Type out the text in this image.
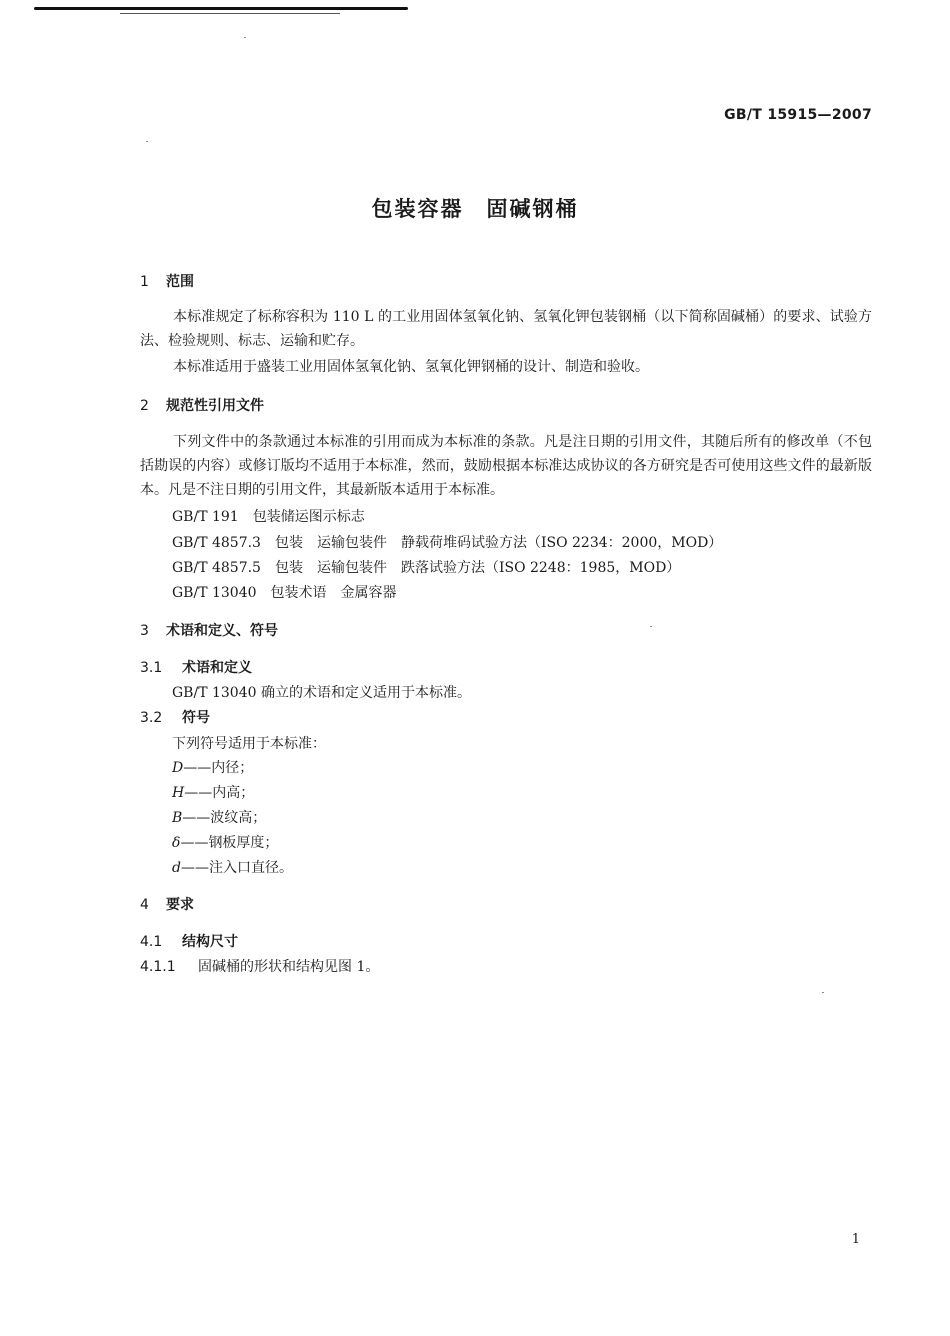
GB/T 15915—2007
包装容器　固碱钢桶
1 范围
本标准规定了标称容积为 110 L 的工业用固体氢氧化钠、氢氧化钾包装钢桶（以下简称固碱桶）的要求、试验方法、检验规则、标志、运输和贮存。
本标准适用于盛装工业用固体氢氧化钠、氢氧化钾钢桶的设计、制造和验收。
2 规范性引用文件
下列文件中的条款通过本标准的引用而成为本标准的条款。凡是注日期的引用文件，其随后所有的修改单（不包括勘误的内容）或修订版均不适用于本标准，然而，鼓励根据本标准达成协议的各方研究是否可使用这些文件的最新版本。凡是不注日期的引用文件，其最新版本适用于本标准。
GB/T 191 包装储运图示标志
GB/T 4857.3 包装　运输包装件　静载荷堆码试验方法（ISO 2234：2000，MOD）
GB/T 4857.5 包装　运输包装件　跌落试验方法（ISO 2248：1985，MOD）
GB/T 13040 包装术语　金属容器
3 术语和定义、符号
3.1 术语和定义
GB/T 13040 确立的术语和定义适用于本标准。
3.2 符号
下列符号适用于本标准：
D——内径；
H——内高；
B——波纹高；
δ——钢板厚度；
d——注入口直径。
4 要求
4.1 结构尺寸
4.1.1 固碱桶的形状和结构见图 1。
1
